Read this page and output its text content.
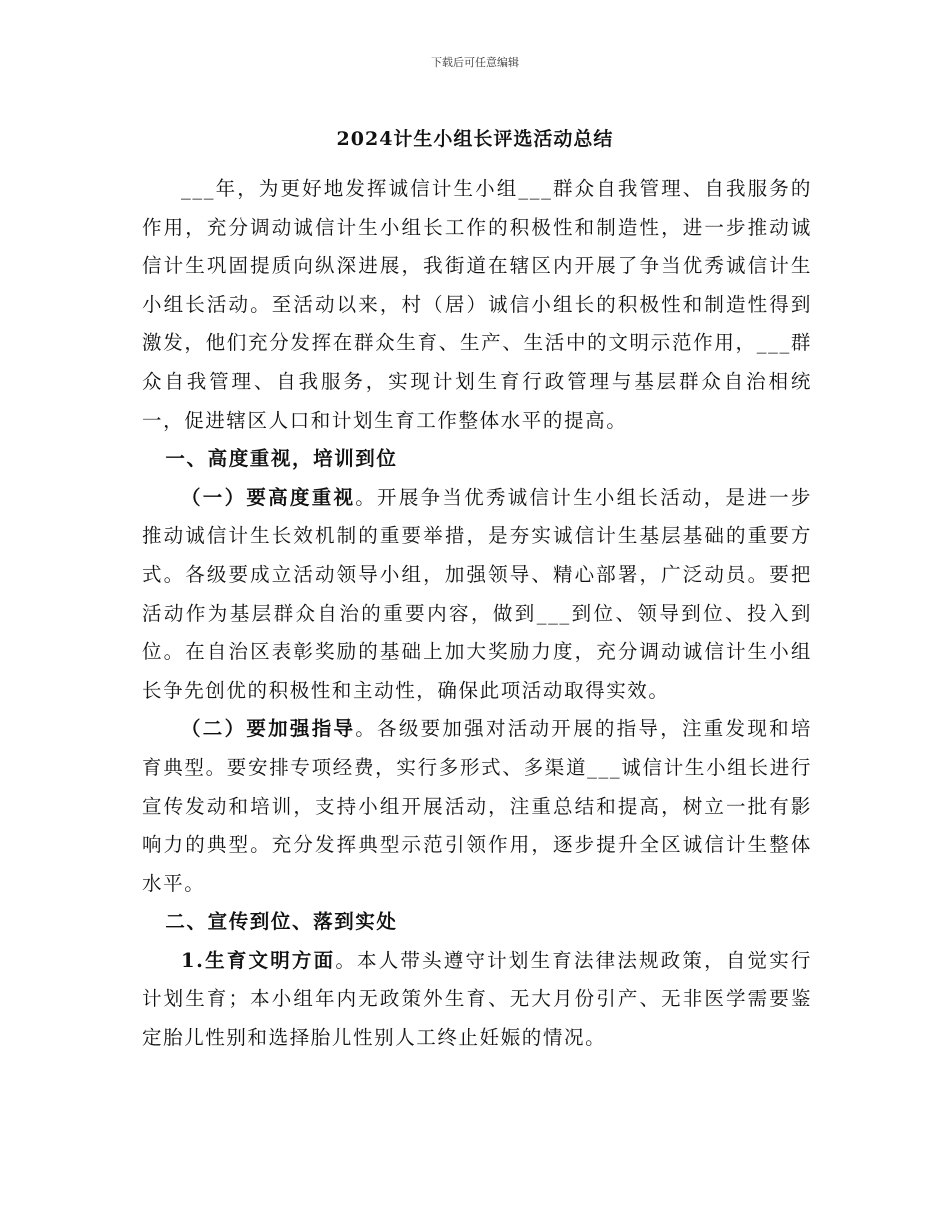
下载后可任意编辑
2024计生小组长评选活动总结

___年，为更好地发挥诚信计生小组___群众自我管理、自我服务的作用，充分调动诚信计生小组长工作的积极性和制造性，进一步推动诚信计生巩固提质向纵深进展，我街道在辖区内开展了争当优秀诚信计生小组长活动。至活动以来，村（居）诚信小组长的积极性和制造性得到激发，他们充分发挥在群众生育、生产、生活中的文明示范作用，___群众自我管理、自我服务，实现计划生育行政管理与基层群众自治相统一，促进辖区人口和计划生育工作整体水平的提高。

一、高度重视，培训到位

（一）要高度重视。开展争当优秀诚信计生小组长活动，是进一步推动诚信计生长效机制的重要举措，是夯实诚信计生基层基础的重要方式。各级要成立活动领导小组，加强领导、精心部署，广泛动员。要把活动作为基层群众自治的重要内容，做到___到位、领导到位、投入到位。在自治区表彰奖励的基础上加大奖励力度，充分调动诚信计生小组长争先创优的积极性和主动性，确保此项活动取得实效。

（二）要加强指导。各级要加强对活动开展的指导，注重发现和培育典型。要安排专项经费，实行多形式、多渠道___诚信计生小组长进行宣传发动和培训，支持小组开展活动，注重总结和提高，树立一批有影响力的典型。充分发挥典型示范引领作用，逐步提升全区诚信计生整体水平。

二、宣传到位、落到实处

1.生育文明方面。本人带头遵守计划生育法律法规政策，自觉实行计划生育；本小组年内无政策外生育、无大月份引产、无非医学需要鉴定胎儿性别和选择胎儿性别人工终止妊娠的情况。
